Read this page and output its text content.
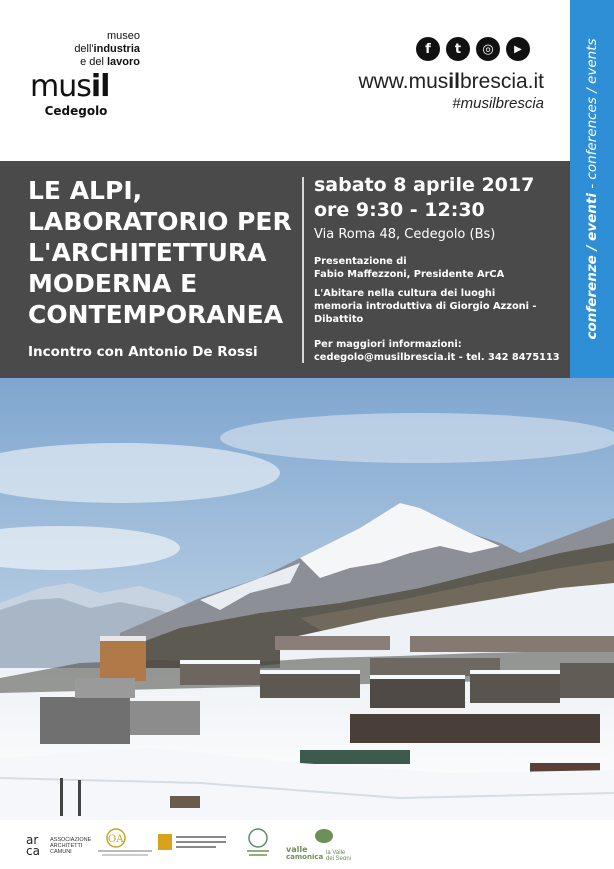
museo
dell'industria
e del lavoro
musil
Cedegolo
f	t	◎	▶
www.musilbrescia.it
#musilbrescia
conferenze / eventi - conferences / events
LE ALPI, LABORATORIO PER L'ARCHITETTURA MODERNA E CONTEMPORANEA
Incontro con Antonio De Rossi
sabato 8 aprile 2017
ore 9:30 - 12:30
Via Roma 48, Cedegolo (Bs)
Presentazione di
Fabio Maffezzoni, Presidente ArCA
L'Abitare nella cultura dei luoghi
memoria introduttiva di Giorgio Azzoni - Dibattito
Per maggiori informazioni:
cedegolo@musilbrescia.it - tel. 342 8475113
ar
ca
ASSOCIAZIONE
ARCHITETTI
CAMUNI
OA
valle
camonica la Valle
dei Segni
